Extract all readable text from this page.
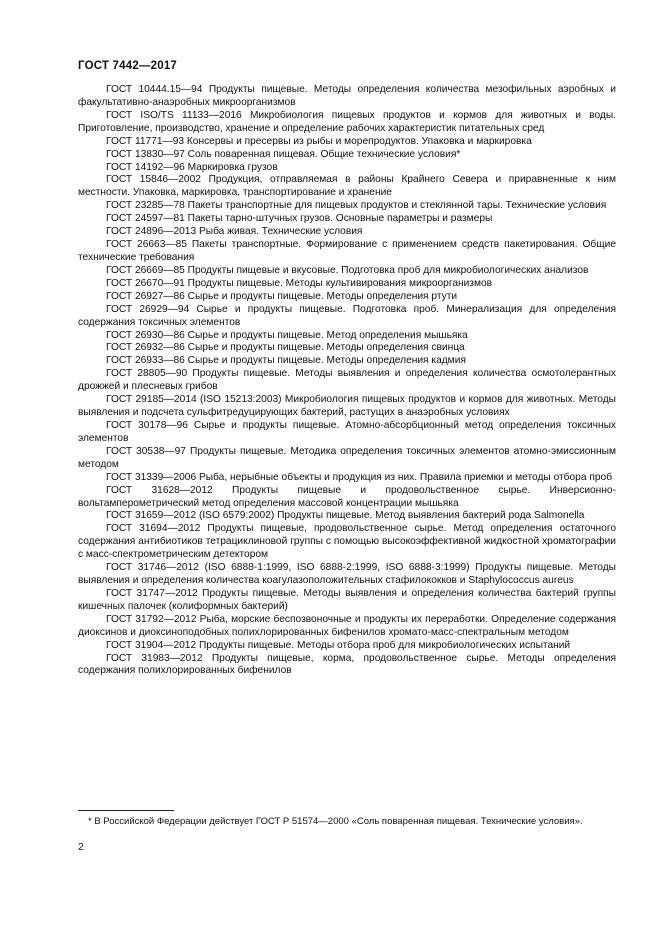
ГОСТ 7442—2017

ГОСТ 10444.15—94 Продукты пищевые. Методы определения количества мезофильных аэробных и факультативно-анаэробных микроорганизмов

ГОСТ ISO/TS 11133—2016 Микробиология пищевых продуктов и кормов для животных и воды. Приготовление, производство, хранение и определение рабочих характеристик питательных сред

ГОСТ 11771—93 Консервы и пресервы из рыбы и морепродуктов. Упаковка и маркировка

ГОСТ 13830—97 Соль поваренная пищевая. Общие технические условия*

ГОСТ 14192—96 Маркировка грузов

ГОСТ 15846—2002 Продукция, отправляемая в районы Крайнего Севера и приравненные к ним местности. Упаковка, маркировка, транспортирование и хранение

ГОСТ 23285—78 Пакеты транспортные для пищевых продуктов и стеклянной тары. Технические условия

ГОСТ 24597—81 Пакеты тарно-штучных грузов. Основные параметры и размеры

ГОСТ 24896—2013 Рыба живая. Технические условия

ГОСТ 26663—85 Пакеты транспортные. Формирование с применением средств пакетирования. Общие технические требования

ГОСТ 26669—85 Продукты пищевые и вкусовые. Подготовка проб для микробиологических анализов

ГОСТ 26670—91 Продукты пищевые. Методы культивирования микроорганизмов

ГОСТ 26927—86 Сырье и продукты пищевые. Методы определения ртути

ГОСТ 26929—94 Сырье и продукты пищевые. Подготовка проб. Минерализация для определения содержания токсичных элементов

ГОСТ 26930—86 Сырье и продукты пищевые. Метод определения мышьяка

ГОСТ 26932—86 Сырье и продукты пищевые. Методы определения свинца

ГОСТ 26933—86 Сырье и продукты пищевые. Методы определения кадмия

ГОСТ 28805—90 Продукты пищевые. Методы выявления и определения количества осмотолерантных дрожжей и плесневых грибов

ГОСТ 29185—2014 (ISO 15213:2003) Микробиология пищевых продуктов и кормов для животных. Методы выявления и подсчета сульфитредуцирующих бактерий, растущих в анаэробных условиях

ГОСТ 30178—96 Сырье и продукты пищевые. Атомно-абсорбционный метод определения токсичных элементов

ГОСТ 30538—97 Продукты пищевые. Методика определения токсичных элементов атомно-эмиссионным методом

ГОСТ 31339—2006 Рыба, нерыбные объекты и продукция из них. Правила приемки и методы отбора проб

ГОСТ 31628—2012 Продукты пищевые и продовольственное сырье. Инверсионно-вольтамперометрический метод определения массовой концентрации мышьяка

ГОСТ 31659—2012 (ISO 6579:2002) Продукты пищевые. Метод выявления бактерий рода Salmonella

ГОСТ 31694—2012 Продукты пищевые, продовольственное сырье. Метод определения остаточного содержания антибиотиков тетрациклиновой группы с помощью высокоэффективной жидкостной хроматографии с масс-спектрометрическим детектором

ГОСТ 31746—2012 (ISO 6888-1:1999, ISO 6888-2:1999, ISO 6888-3:1999) Продукты пищевые. Методы выявления и определения количества коагулазоположительных стафилококков и Staphylococcus aureus

ГОСТ 31747—2012 Продукты пищевые. Методы выявления и определения количества бактерий группы кишечных палочек (колиформных бактерий)

ГОСТ 31792—2012 Рыба, морские беспозвоночные и продукты их переработки. Определение содержания диоксинов и диоксиноподобных полихлорированных бифенилов хромато-масс-спектральным методом

ГОСТ 31904—2012 Продукты пищевые. Методы отбора проб для микробиологических испытаний

ГОСТ 31983—2012 Продукты пищевые, корма, продовольственное сырье. Методы определения содержания полихлорированных бифенилов

* В Российской Федерации действует ГОСТ Р 51574—2000 «Соль поваренная пищевая. Технические условия».

2
